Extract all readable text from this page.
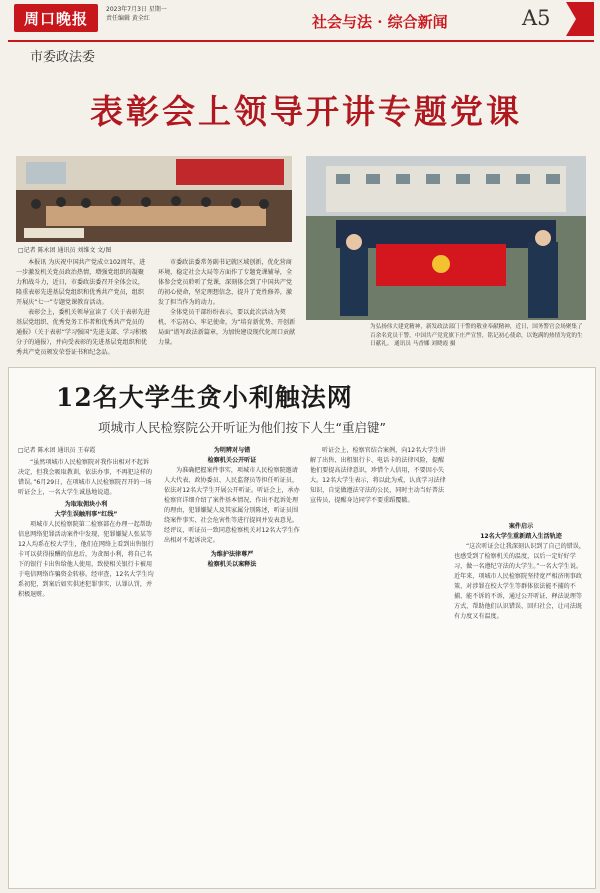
周口晚报	2023年7月3日 星期一
责任编辑 黄全红	社会与法 · 综合新闻	A5
市委政法委
表彰会上领导开讲专题党课
□记者 陈永团 通讯员 刘维文 文/图
为弘扬伟大建党精神，新发政法部门干警的敬业奉献精神，近日，国务警官会场聚集了百余名党员干警，中国共产党党旗下庄严宣誓，铭记初心使命，以饱满的热情为党的生日献礼。 通讯员 马香娜 刘晓霞 摄

本报讯 为庆祝中国共产党成立102周年，进一步激发机关党员政治热情，增强党组织的凝聚力和战斗力，近日，市委政法委召开全体会议，隆重表彰先进基层党组织和优秀共产党员，组织开展庆“七一”专题党课教育活动。

表彰会上，委机关领导宣读了《关于表彰先进基层党组织、优秀党务工作者和优秀共产党员的通报》（关于表彰“学习强国”先进支部、学习积极分子的通报），并向受表彰的先进基层党组织和优秀共产党员颁发荣誉证书和纪念品。

市委政法委常务副书记就区域创新，优化营商环境，稳定社会大局等方面作了专题党课辅导，全体参会党员聆听了党课，深刻体会到了中国共产党的初心使命，坚定理想信念，提升了党性修养，激发了担当作为的动力。

全体党员干部纷纷表示，要以此次活动为契机，不忘初心、牢记使命，为“培育新优势、开创新局面”谱写政法新篇章，为加快建设现代化周口贡献力量。

12名大学生贪小利触法网
项城市人民检察院公开听证为他们按下人生“重启键”
□记者 陈永团 通讯员 王春霞

“虽然项城市人民检察院对我作出相对不起诉决定，但我会吸取教训，依法办事，不再犯这样的错误。”6月29日，在项城市人民检察院召开的一场听证会上，一名大学生诚恳地说道。

为取取佣块小利
大学生误触刑事“红线”

项城市人民检察院第二检察部在办理一起帮助信息网络犯罪活动案件中发现，犯罪嫌疑人张某等12人均系在校大学生，他们在网络上看到出售银行卡可以获得报酬的信息后，为贪图小利，将自己名下的银行卡出售给他人使用，致使相关银行卡被用于电信网络诈骗资金转移。经审查，12名大学生均系初犯，到案后如实供述犯罪事实，认罪认罚，并积极退赃。

为明辨对与错
检察机关公开听证

为准确把握案件事实，项城市人民检察院邀请人大代表、政协委员、人民监督员等担任听证员，依法对12名大学生开展公开听证。听证会上，承办检察官详细介绍了案件基本情况、作出不起诉处理的理由，犯罪嫌疑人及其家属分别陈述，听证员围绕案件事实、社会危害性等进行提问并发表意见。经评议，听证员一致同意检察机关对12名大学生作出相对不起诉决定。

为维护法律尊严
检察机关以案释法

听证会上，检察官结合案例，向12名大学生讲解了出售、出租银行卡、电话卡的法律风险，提醒他们要提高法律意识，珍惜个人信用，不要因小失大。12名大学生表示，将以此为戒，认真学习法律知识，自觉做遵法守法的公民，同时主动当好普法宣传员，提醒身边同学不要重蹈覆辙。

案件启示
12名大学生重新踏入生活轨迹

“这次听证会让我深刻认识到了自己的错误，也感受到了检察机关的温度，以后一定好好学习，做一名遵纪守法的大学生。”一名大学生说。近年来，项城市人民检察院坚持宽严相济刑事政策，对涉罪在校大学生等群体依法能不捕的不捕、能不诉的不诉，通过公开听证、释法说理等方式，帮助他们认识错误、回归社会，让司法既有力度又有温度。
